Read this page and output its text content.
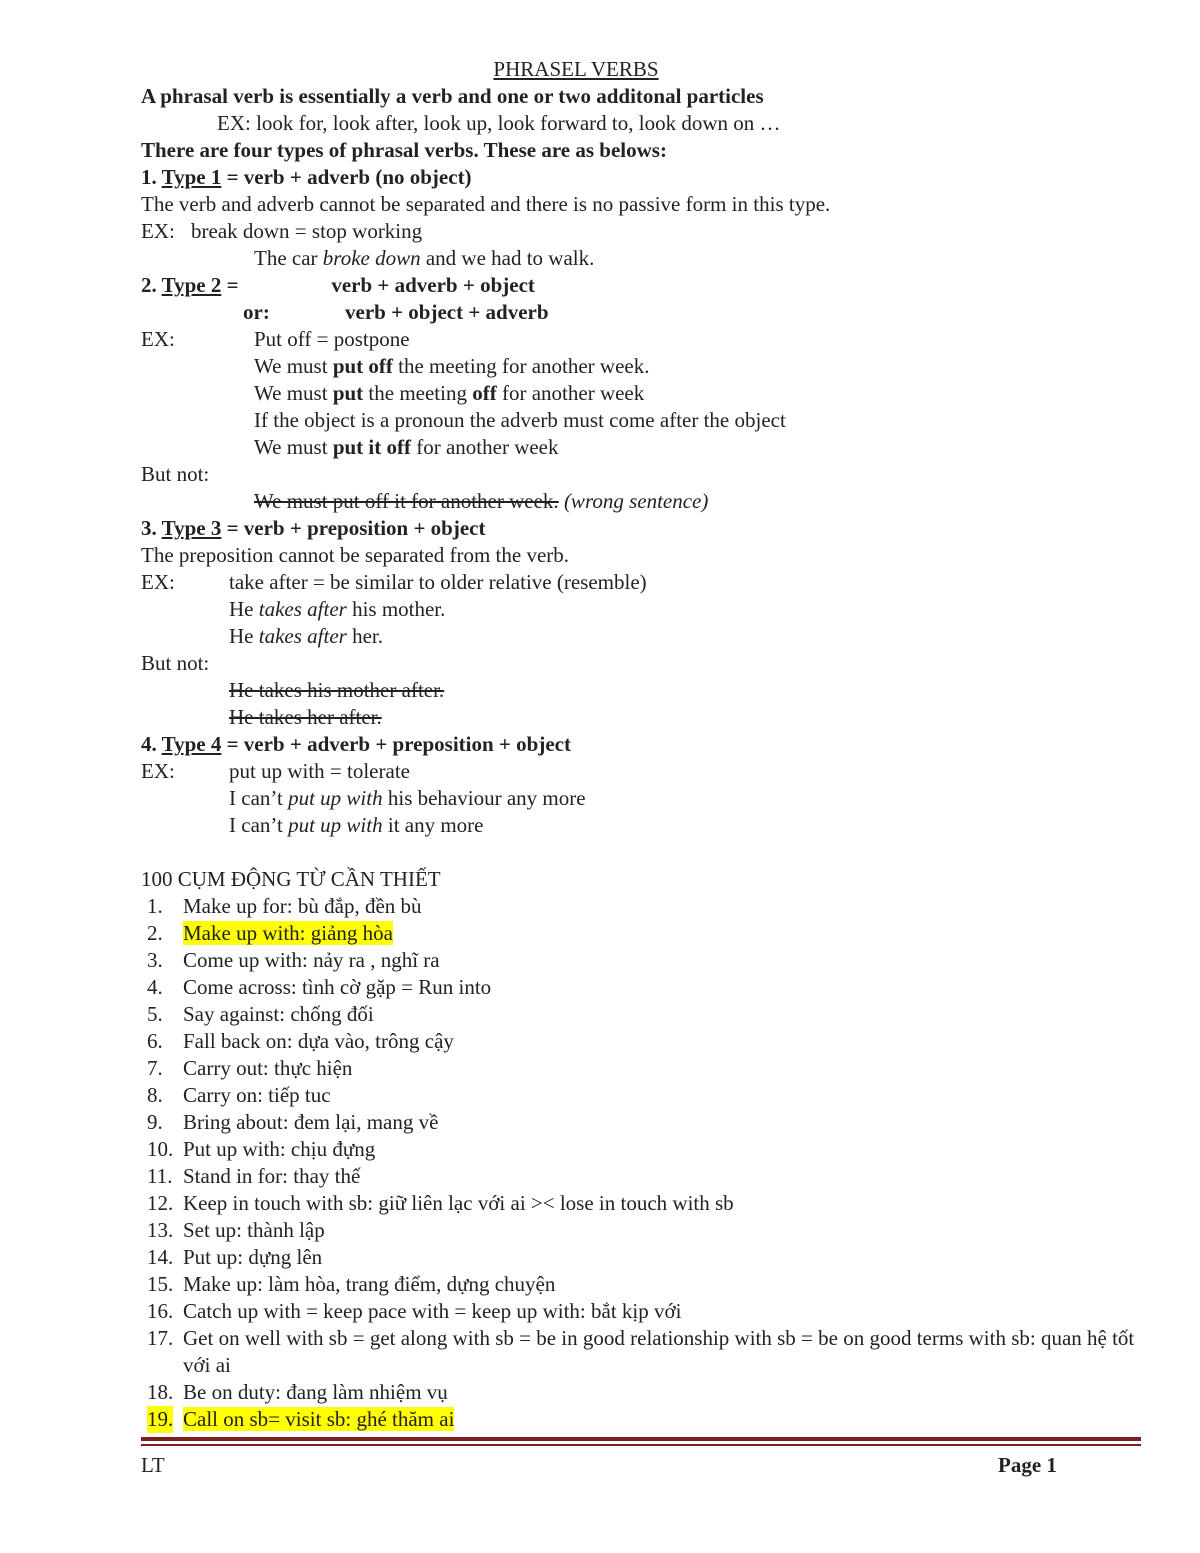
PHRASEL VERBS
A phrasal verb is essentially a verb and one or two additonal particles
EX: look for, look after, look up, look forward to, look down on …
There are four types of phrasal verbs. These are as belows:
1. Type 1 = verb + adverb (no object)
The verb and adverb cannot be separated and there is no passive form in this type.
EX: break down = stop working
The car broke down and we had to walk.
2. Type 2 =	verb + adverb + object
or:	verb + object + adverb
EX:	Put off = postpone
We must put off the meeting for another week.
We must put the meeting off for another week
If the object is a pronoun the adverb must come after the object
We must put it off for another week
But not:
We must put off it for another week. (wrong sentence)
3. Type 3 = verb + preposition + object
The preposition cannot be separated from the verb.
EX:	take after = be similar to older relative (resemble)
He takes after his mother.
He takes after her.
But not:
He takes his mother after.
He takes her after.
4. Type 4 = verb + adverb + preposition + object
EX:	put up with = tolerate
I can’t put up with his behaviour any more
I can’t put up with it any more
100 CỤM ĐỘNG TỪ CẦN THIẾT
1. Make up for: bù đắp, đền bù
2. Make up with: giảng hòa
3. Come up with: nảy ra , nghĩ ra
4. Come across: tình cờ gặp = Run into
5. Say against: chống đối
6. Fall back on: dựa vào, trông cậy
7. Carry out: thực hiện
8. Carry on: tiếp tuc
9. Bring about: đem lại, mang về
10. Put up with: chịu đựng
11. Stand in for: thay thế
12. Keep in touch with sb: giữ liên lạc với ai >< lose in touch with sb
13. Set up: thành lập
14. Put up: dựng lên
15. Make up: làm hòa, trang điểm, dựng chuyện
16. Catch up with = keep pace with = keep up with: bắt kịp với
17. Get on well with sb = get along with sb = be in good relationship with sb = be on good terms with sb: quan hệ tốt với ai
18. Be on duty: đang làm nhiệm vụ
19. Call on sb= visit sb: ghé thăm ai
LT	Page 1
